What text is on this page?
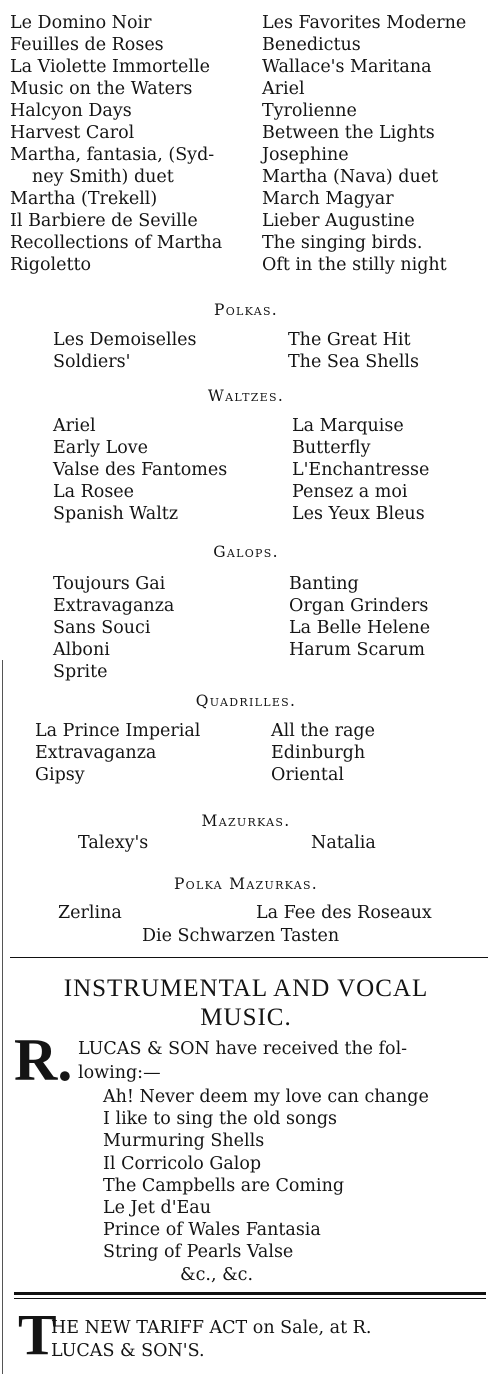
Le Domino Noir
Feuilles de Roses
La Violette Immortelle
Music on the Waters
Halcyon Days
Harvest Carol
Martha, fantasia, (Syd-
ney Smith) duet
Martha (Trekell)
Il Barbiere de Seville
Recollections of Martha
Rigoletto
Les Favorites Moderne
Benedictus
Wallace's Maritana
Ariel
Tyrolienne
Between the Lights
Josephine
Martha (Nava) duet
March Magyar
Lieber Augustine
The singing birds.
Oft in the stilly night
Polkas.
Les Demoiselles
Soldiers'
The Great Hit
The Sea Shells
Waltzes.
Ariel
Early Love
Valse des Fantomes
La Rosee
Spanish Waltz
La Marquise
Butterfly
L'Enchantresse
Pensez a moi
Les Yeux Bleus
Galops.
Toujours Gai
Extravaganza
Sans Souci
Alboni
Sprite
Banting
Organ Grinders
La Belle Helene
Harum Scarum
Quadrilles.
La Prince Imperial
Extravaganza
Gipsy
All the rage
Edinburgh
Oriental
Mazurkas.
Talexy's	Natalia
Polka Mazurkas.
Zerlina	La Fee des Roseaux
Die Schwarzen Tasten
INSTRUMENTAL AND VOCAL
MUSIC.
R. LUCAS & SON have received the fol-
lowing:—
Ah! Never deem my love can change
I like to sing the old songs
Murmuring Shells
Il Corricolo Galop
The Campbells are Coming
Le Jet d'Eau
Prince of Wales Fantasia
String of Pearls Valse
&c., &c.
T
HE NEW TARIFF ACT on Sale, at R.
LUCAS & SON'S.
